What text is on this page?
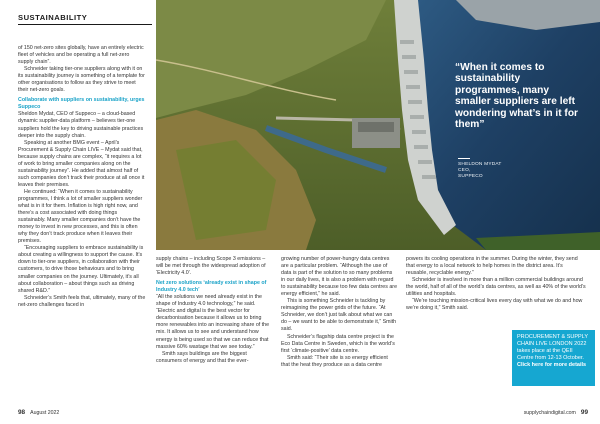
SUSTAINABILITY

of 150 net-zero sites globally, have an entirely electric fleet of vehicles and be operating a full net-zero supply chain”.

Schneider taking tier-one suppliers along with it on its sustainability journey is something of a template for other organisations to follow as they strive to meet their net-zero goals.

Collaborate with suppliers on sustainability, urges Suppeco

Sheldon Mydat, CEO of Suppeco – a cloud-based dynamic supplier-data platform – believes tier-one suppliers hold the key to driving sustainable practices deeper into the supply chain.

Speaking at another BMG event – April’s Procurement & Supply Chain LIVE – Mydat said that, because supply chains are complex, “it requires a lot of work to bring smaller companies along on the sustainability journey”. He added that almost half of such companies don’t track their produce at all once it leaves their premises.

He continued: “When it comes to sustainability programmes, I think a lot of smaller suppliers wonder what is in it for them. Inflation is high right now, and there’s a cost associated with doing things sustainably. Many smaller companies don’t have the money to invest in new processes, and this is often why they don’t track produce when it leaves their premises.

“Encouraging suppliers to embrace sustainability is about creating a willingness to support the cause. It’s down to tier-one suppliers, in collaboration with their customers, to drive those behaviours and to bring smaller companies on the journey. Ultimately, it’s all about collaboration – about things such as driving shared R&D.”

Schneider’s Smith feels that, ultimately, many of the net-zero challenges faced in

“When it comes to sustainability programmes, many smaller suppliers are left wondering what’s in it for them”
SHELDON MYDAT
CEO,
SUPPECO

supply chains – including Scope 3 emissions – will be met through the widespread adoption of ‘Electricity 4.0’.

Net zero solutions ‘already exist in shape of Industry 4.0 tech’

“All the solutions we need already exist in the shape of Industry 4.0 technology,” he said. “Electric and digital is the best vector for decarbonisation because it allows us to bring more renewables into an increasing share of the mix. It allows us to see and understand how energy is being used so that we can reduce that massive 60% wastage that we see today.”

Smith says buildings are the biggest consumers of energy and that the ever-

growing number of power-hungry data centres are a particular problem. “Although the use of data is part of the solution to so many problems in our daily lives, it is also a problem with regard to sustainability because too few data centres are energy efficient,” he said.

This is something Schneider is tackling by reimagining the power grids of the future. “At Schneider, we don’t just talk about what we can do – we want to be able to demonstrate it,” Smith said.

Schneider’s flagship data centre project is the Eco Data Centre in Sweden, which is the world’s first ‘climate-positive’ data centre.

Smith said: “Their site is so energy efficient that the heat they produce as a data centre

powers its cooling operations in the summer. During the winter, they send that energy to a local network to help homes in the district area. It’s reusable, recyclable energy.”

Schneider is involved in more than a million commercial buildings around the world, half of all of the world’s data centres, as well as 40% of the world’s utilities and hospitals.

“We’re touching mission-critical lives every day with what we do and how we’re doing it,” Smith said.

PROCUREMENT & SUPPLY CHAIN LIVE LONDON 2022 takes place at the QEII Centre from 12-13 October.
Click here for more details
98 August 2022	supplychaindigital.com 99
